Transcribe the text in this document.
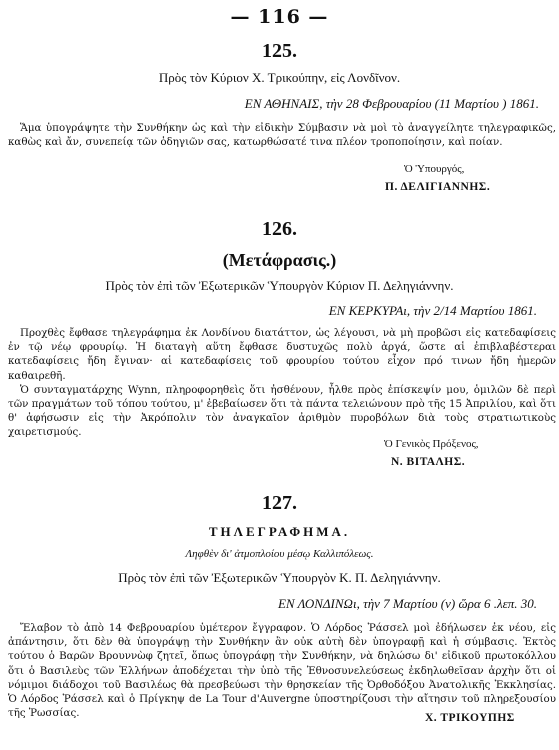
— 116 —
125.
Πρὸς τὸν Κύριον Χ. Τρικούπην, εἰς Λονδῖνον.
ΕΝ ΑΘΗΝΑΙΣ, τὴν 28 Φεβρουαρίου (11 Μαρτίου ) 1861.

Ἅμα ὑπογράψητε τὴν Συνθήκην ὡς καὶ τὴν εἰδικὴν Σύμβασιν νὰ μοὶ τὸ ἀναγγείλητε τηλεγραφικῶς, καθὼς καὶ ἄν, συνεπείᾳ τῶν ὁδηγιῶν σας, κατωρθώσατέ τινα πλέον τροποποίησιν, καὶ ποίαν.

Ὁ Ὑπουργός,
Π. ΔΕΛΙΓΙΑΝΝΗΣ.
126.
(Μετάφρασις.)
Πρὸς τὸν ἐπὶ τῶν Ἐξωτερικῶν Ὑπουργὸν Κύριον Π. Δεληγιάννην.
ΕΝ ΚΕΡΚΥΡΑι, τὴν 2/14 Μαρτίου 1861.

Προχθὲς ἔφθασε τηλεγράφημα ἐκ Λονδίνου διατάττον, ὡς λέγουσι, νὰ μὴ προβῶσι εἰς κατεδαφίσεις ἐν τῷ νέῳ φρουρίῳ. Ἡ διαταγὴ αὕτη ἔφθασε δυστυχῶς πολὺ ἀργά, ὥστε αἱ ἐπιβλαβέστεραι κατεδαφίσεις ἤδη ἔγιναν· αἱ κατεδαφίσεις τοῦ φρουρίου τούτου εἶχον πρό τινων ἤδη ἡμερῶν καθαιρεθῆ.

Ὁ συνταγματάρχης Wynn, πληροφορηθεὶς ὅτι ἠσθένουν, ἦλθε πρὸς ἐπίσκεψίν μου, ὁμιλῶν δὲ περὶ τῶν πραγμάτων τοῦ τόπου τούτου, μ' ἐβεβαίωσεν ὅτι τὰ πάντα τελειώνουν πρὸ τῆς 15 Ἀπριλίου, καὶ ὅτι θ' ἀφήσωσιν εἰς τὴν Ἀκρόπολιν τὸν ἀναγκαῖον ἀριθμὸν πυροβόλων διὰ τοὺς στρατιωτικοὺς χαιρετισμούς.

Ὁ Γενικὸς Πρόξενος,
Ν. ΒΙΤΑΛΗΣ.
127.
ΤΗΛΕΓΡΑΦΗΜΑ.
Ληφθὲν δι' ἀτμοπλοίου μέσῳ Καλλιπόλεως.
Πρὸς τὸν ἐπὶ τῶν Ἐξωτερικῶν Ὑπουργὸν Κ. Π. Δεληγιάννην.
ΕΝ ΛΟΝΔΙΝΩι, τὴν 7 Μαρτίου (ν) ὥρα 6 .λεπ. 30.

Ἔλαβον τὸ ἀπὸ 14 Φεβρουαρίου ὑμέτερον ἔγγραφον. Ὁ Λόρδος Ῥάσσελ μοὶ ἐδήλωσεν ἐκ νέου, εἰς ἀπάντησιν, ὅτι δὲν θὰ ὑπογράψῃ τὴν Συνθήκην ἂν οὐκ αὐτὴ δὲν ὑπογραφῇ καὶ ἡ σύμβασις. Ἐκτὸς τούτου ὁ Βαρῶν Βρουννὼφ ζητεῖ, ὅπως ὑπογράφῃ τὴν Συνθήκην, νὰ δηλώσω δι' εἰδικοῦ πρωτοκόλλου ὅτι ὁ Βασιλεὺς τῶν Ἑλλήνων ἀποδέχεται τὴν ὑπὸ τῆς Ἐθνοσυνελεύσεως ἐκδηλωθεῖσαν ἀρχὴν ὅτι οἱ νόμιμοι διάδοχοι τοῦ Βασιλέως θὰ πρεσβεύωσι τὴν θρησκείαν τῆς Ὀρθοδόξου Ἀνατολικῆς Ἐκκλησίας. Ὁ Λόρδος Ῥάσσελ καὶ ὁ Πρίγκηψ de La Tour d'Auvergne ὑποστηρίζουσι τὴν αἴτησιν τοῦ πληρεξουσίου τῆς Ῥωσσίας.	Χ. ΤΡΙΚΟΥΠΗΣ
